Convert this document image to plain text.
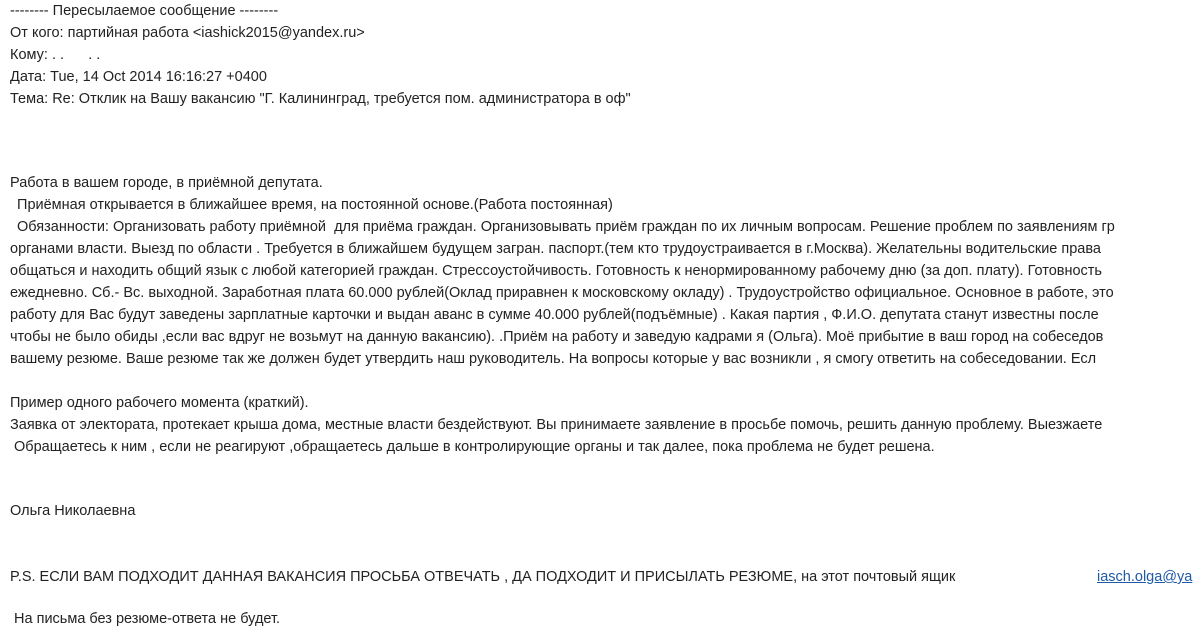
-------- Пересылаемое сообщение --------
От кого: партийная работа <iashick2015@yandex.ru>
Кому: . .      . .
Дата: Tue, 14 Oct 2014 16:16:27 +0400
Тема: Re: Отклик на Вашу вакансию "Г. Калининград, требуется пом. администратора в оф"
Работа в вашем городе, в приёмной депутата.
Приёмная открывается в ближайшее время, на постоянной основе.(Работа постоянная)
Обязанности: Организовать работу приёмной  для приёма граждан. Организовывать приём граждан по их личным вопросам. Решение проблем по заявлениям гр
органами власти. Выезд по области . Требуется в ближайшем будущем загран. паспорт.(тем кто трудоустраивается в г.Москва). Желательны водительские права
общаться и находить общий язык с любой категорией граждан. Стрессоустойчивость. Готовность к ненормированному рабочему дню (за доп. плату). Готовность
ежедневно. Сб.- Вс. выходной. Заработная плата 60.000 рублей(Оклад приравнен к московскому окладу) . Трудоустройство официальное. Основное в работе, это
работу для Вас будут заведены зарплатные карточки и выдан аванс в сумме 40.000 рублей(подъёмные) . Какая партия , Ф.И.О. депутата станут известны после
чтобы не было обиды ,если вас вдруг не возьмут на данную вакансию). .Приём на работу и заведую кадрами я (Ольга). Моё прибытие в ваш город на собеседов
вашему резюме. Ваше резюме так же должен будет утвердить наш руководитель. На вопросы которые у вас возникли , я смогу ответить на собеседовании. Есл
Пример одного рабочего момента (краткий).
Заявка от электората, протекает крыша дома, местные власти бездействуют. Вы принимаете заявление в просьбе помочь, решить данную проблему. Выезжаете
Обращаетесь к ним , если не реагируют ,обращаетесь дальше в контролирующие органы и так далее, пока проблема не будет решена.
Ольга Николаевна
P.S. ЕСЛИ ВАМ ПОДХОДИТ ДАННАЯ ВАКАНСИЯ ПРОСЬБА ОТВЕЧАТЬ , ДА ПОДХОДИТ И ПРИСЫЛАТЬ РЕЗЮМЕ, на этот почтовый ящик	iasch.olga@ya
На письма без резюме-ответа не будет.
